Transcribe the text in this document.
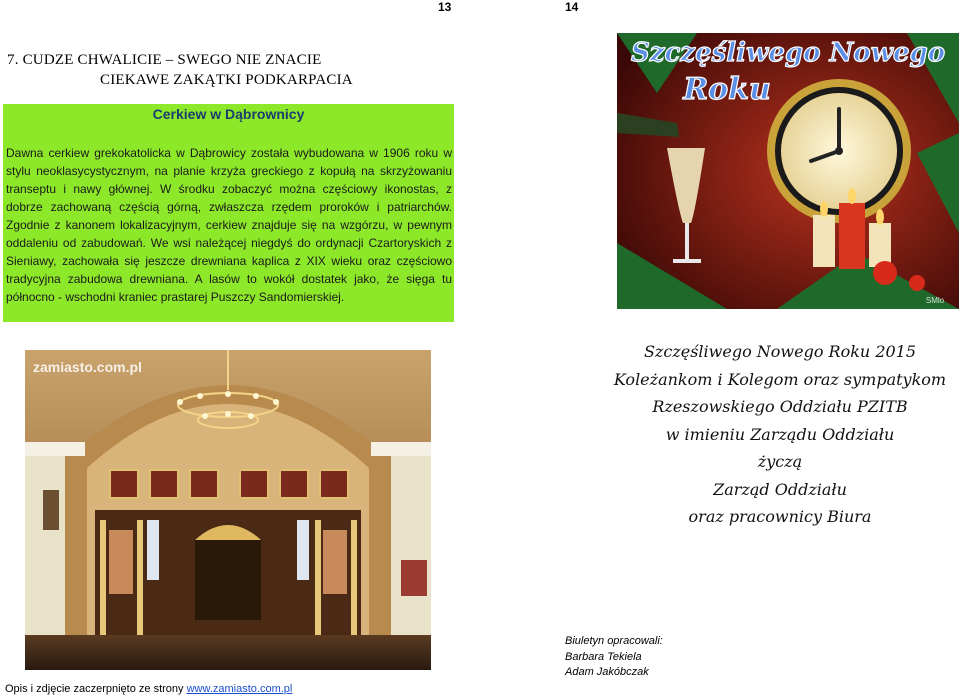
13	14
7. CUDZE CHWALICIE – SWEGO NIE ZNACIE
CIEKAWE ZAKĄTKI PODKARPACIA
Cerkiew w Dąbrownicy
Dawna cerkiew grekokatolicka w Dąbrowicy została wybudowana w 1906 roku w stylu neoklasycystycznym, na planie krzyża greckiego z kopułą na skrzyżowaniu transeptu i nawy głównej. W środku zobaczyć można częściowy ikonostas, z dobrze zachowaną częścią górną, zwłaszcza rzędem proroków i patriarchów. Zgodnie z kanonem lokalizacyjnym, cerkiew znajduje się na wzgórzu, w pewnym oddaleniu od zabudowań. We wsi należącej niegdyś do ordynacji Czartoryskich z Sieniawy, zachowała się jeszcze drewniana kaplica z XIX wieku oraz częściowo tradycyjna zabudowa drewniana. A lasów to wokół dostatek jako, że sięga tu północno - wschodni kraniec prastarej Puszczy Sandomierskiej.
zamiasto.com.pl
Opis i zdjęcie zaczerpnięto ze strony www.zamiasto.com.pl
Szczęśliwego Nowego
Roku
SMlo
Szczęśliwego Nowego Roku 2015
Koleżankom i Kolegom oraz sympatykom
Rzeszowskiego Oddziału PZITB
w imieniu Zarządu Oddziału
życzą
Zarząd Oddziału
oraz pracownicy Biura
Biuletyn opracowali:
Barbara Tekiela
Adam Jakóbczak
